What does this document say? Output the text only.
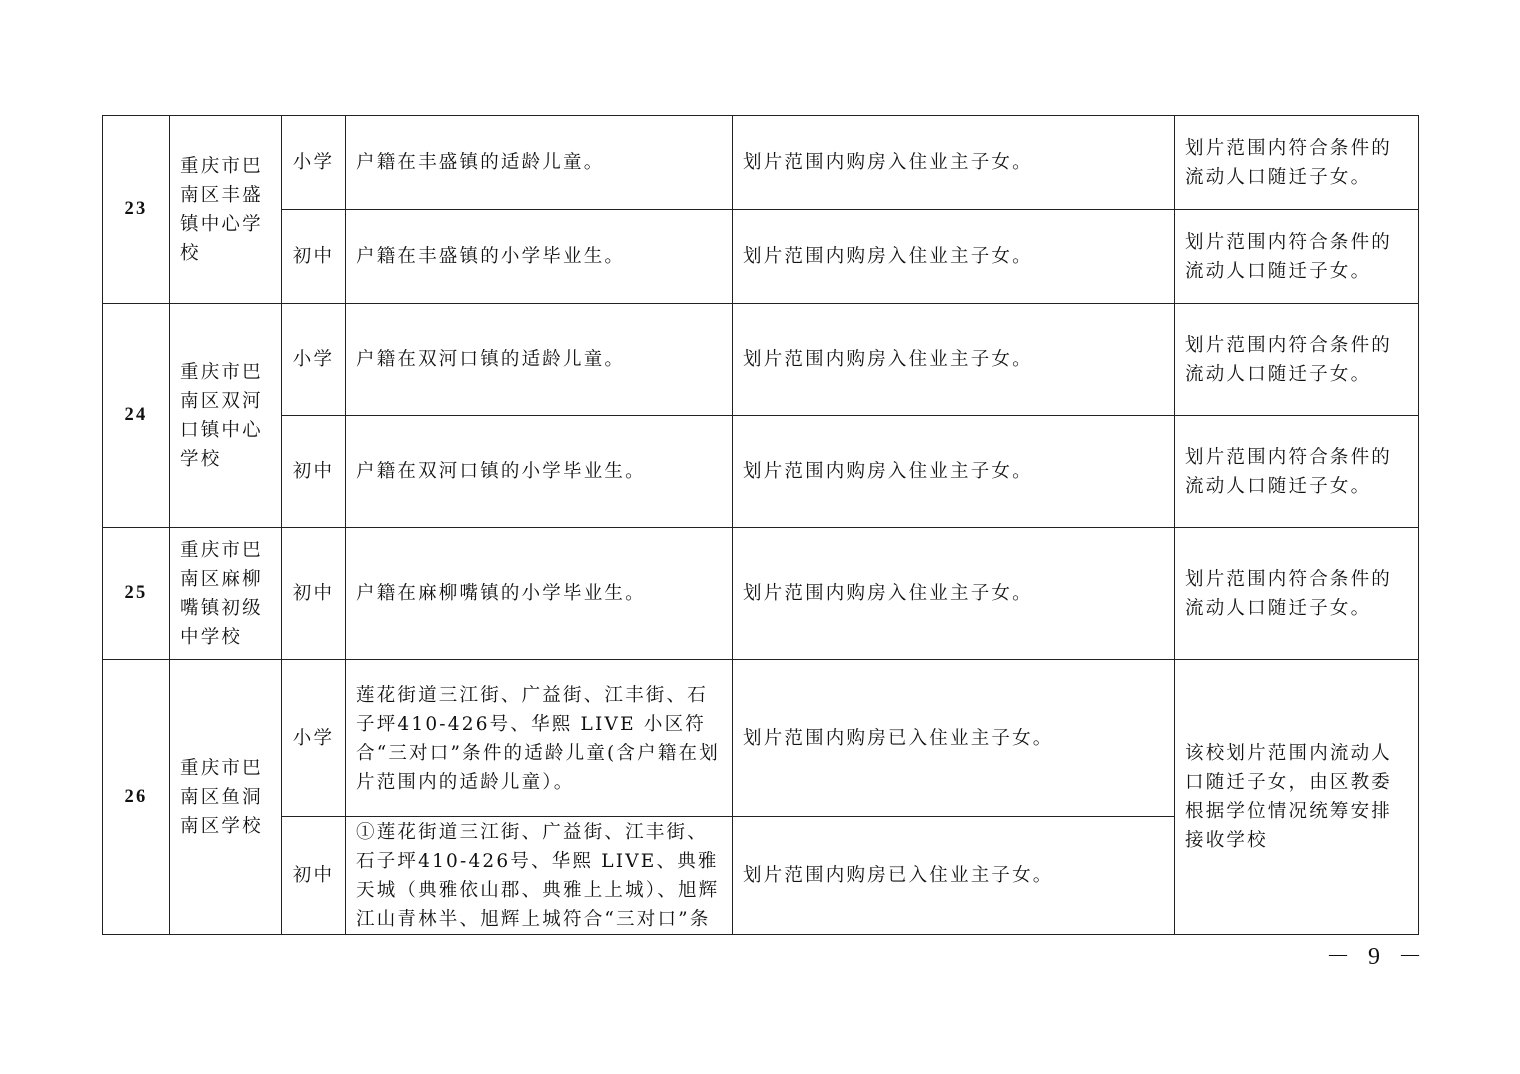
23	重庆市巴南区丰盛镇中心学校	小学	户籍在丰盛镇的适龄儿童。	划片范围内购房入住业主子女。	划片范围内符合条件的流动人口随迁子女。
		初中	户籍在丰盛镇的小学毕业生。	划片范围内购房入住业主子女。	划片范围内符合条件的流动人口随迁子女。
24	重庆市巴南区双河口镇中心学校	小学	户籍在双河口镇的适龄儿童。	划片范围内购房入住业主子女。	划片范围内符合条件的流动人口随迁子女。
		初中	户籍在双河口镇的小学毕业生。	划片范围内购房入住业主子女。	划片范围内符合条件的流动人口随迁子女。
25	重庆市巴南区麻柳嘴镇初级中学校	初中	户籍在麻柳嘴镇的小学毕业生。	划片范围内购房入住业主子女。	划片范围内符合条件的流动人口随迁子女。
26	重庆市巴南区鱼洞南区学校	小学	莲花街道三江街、广益街、江丰街、石子坪410-426号、华熙 LIVE 小区符合“三对口”条件的适龄儿童(含户籍在划片范围内的适龄儿童）。	划片范围内购房已入住业主子女。	该校划片范围内流动人口随迁子女，由区教委根据学位情况统筹安排接收学校
		初中	①莲花街道三江街、广益街、江丰街、石子坪410-426号、华熙 LIVE、典雅天城（典雅依山郡、典雅上上城）、旭辉江山青林半、旭辉上城符合“三对口”条	划片范围内购房已入住业主子女。	
－ 9 －
